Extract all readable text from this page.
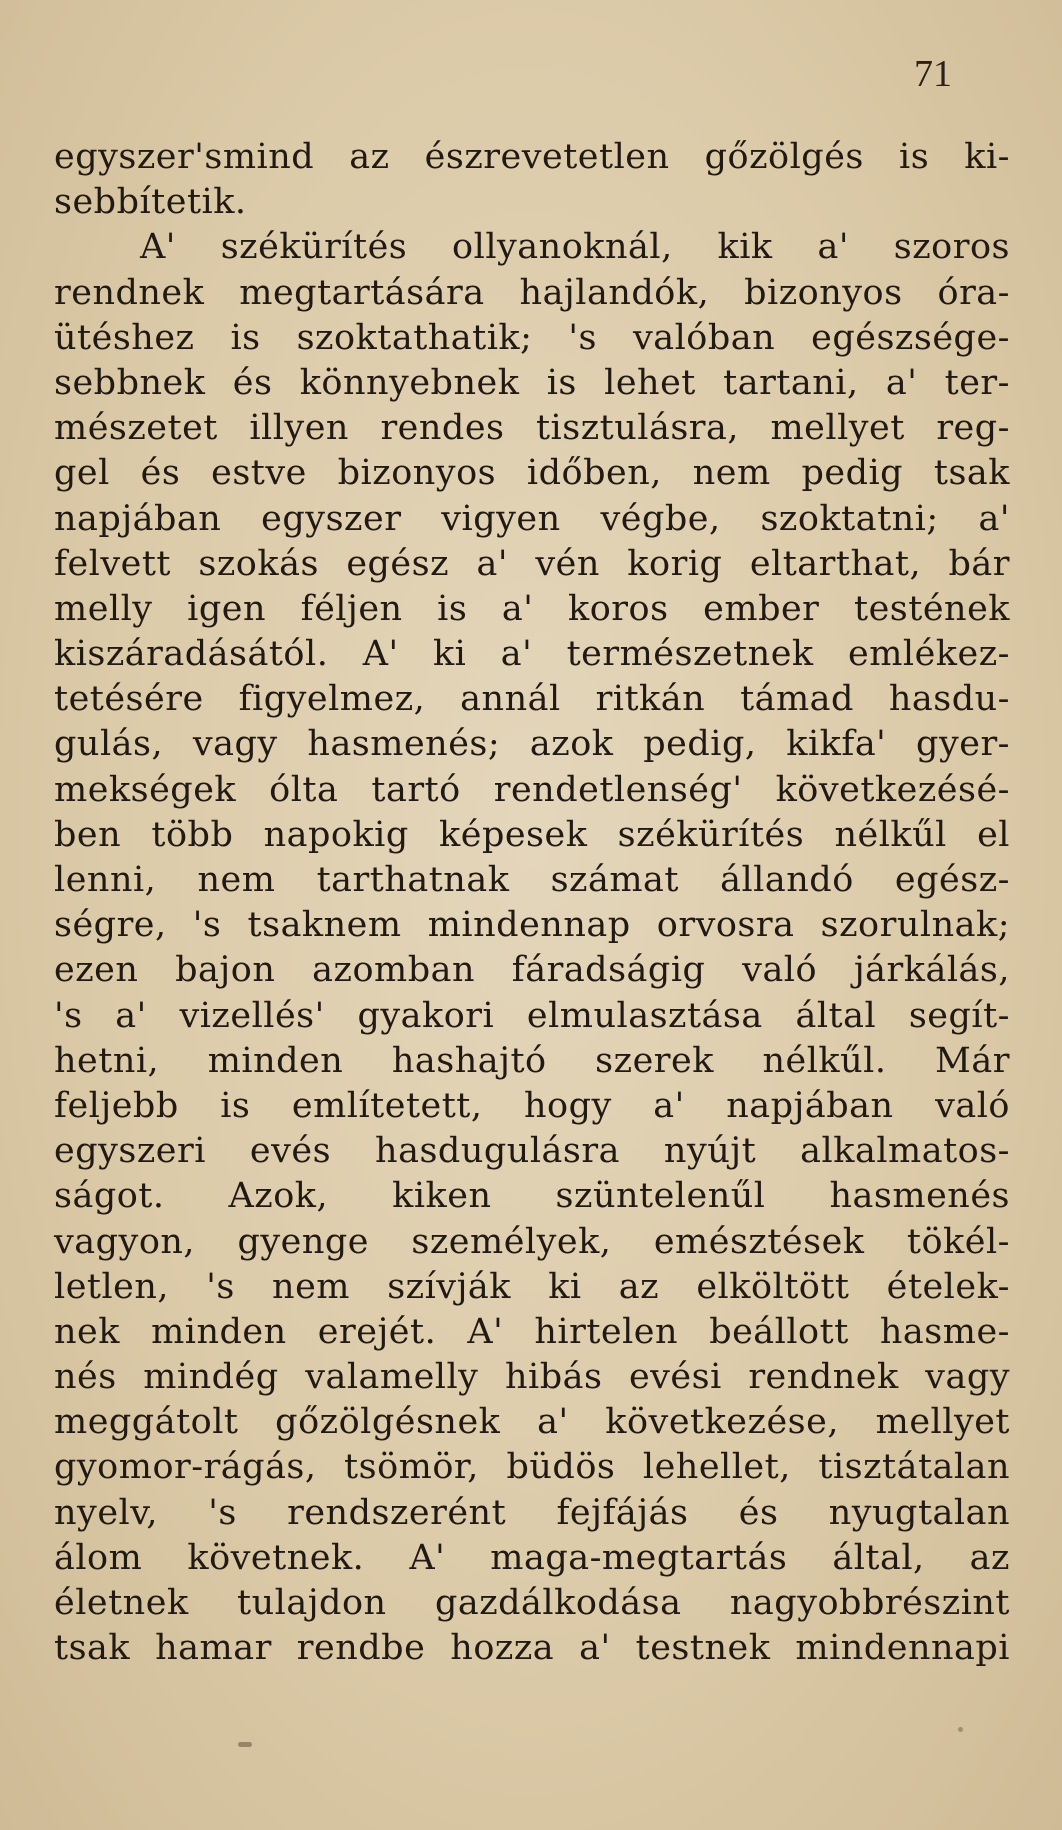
71
egyszer'smind az észrevetetlen gőzölgés is ki-
sebbítetik.
A' székürítés ollyanoknál, kik a' szoros
rendnek megtartására hajlandók, bizonyos óra-
ütéshez is szoktathatik; 's valóban egészsége-
sebbnek és könnyebnek is lehet tartani, a' ter-
mészetet illyen rendes tisztulásra, mellyet reg-
gel és estve bizonyos időben, nem pedig tsak
napjában egyszer vigyen végbe, szoktatni; a'
felvett szokás egész a' vén korig eltarthat, bár
melly igen féljen is a' koros ember testének
kiszáradásától. A' ki a' természetnek emlékez-
tetésére figyelmez, annál ritkán támad hasdu-
gulás, vagy hasmenés; azok pedig, kikfa' gyer-
mekségek ólta tartó rendetlenség' következésé-
ben több napokig képesek székürítés nélkűl el
lenni, nem tarthatnak számat állandó egész-
ségre, 's tsaknem mindennap orvosra szorulnak;
ezen bajon azomban fáradságig való járkálás,
's a' vizellés' gyakori elmulasztása által segít-
hetni, minden hashajtó szerek nélkűl. Már
feljebb is említetett, hogy a' napjában való
egyszeri evés hasdugulásra nyújt alkalmatos-
ságot. Azok, kiken szüntelenűl hasmenés
vagyon, gyenge személyek, emésztések tökél-
letlen, 's nem szívják ki az elköltött ételek-
nek minden erejét. A' hirtelen beállott hasme-
nés mindég valamelly hibás evési rendnek vagy
meggátolt gőzölgésnek a' következése, mellyet
gyomor-rágás, tsömör, büdös lehellet, tisztátalan
nyelv, 's rendszerént fejfájás és nyugtalan
álom követnek. A' maga-megtartás által, az
életnek tulajdon gazdálkodása nagyobbrészint
tsak hamar rendbe hozza a' testnek mindennapi
